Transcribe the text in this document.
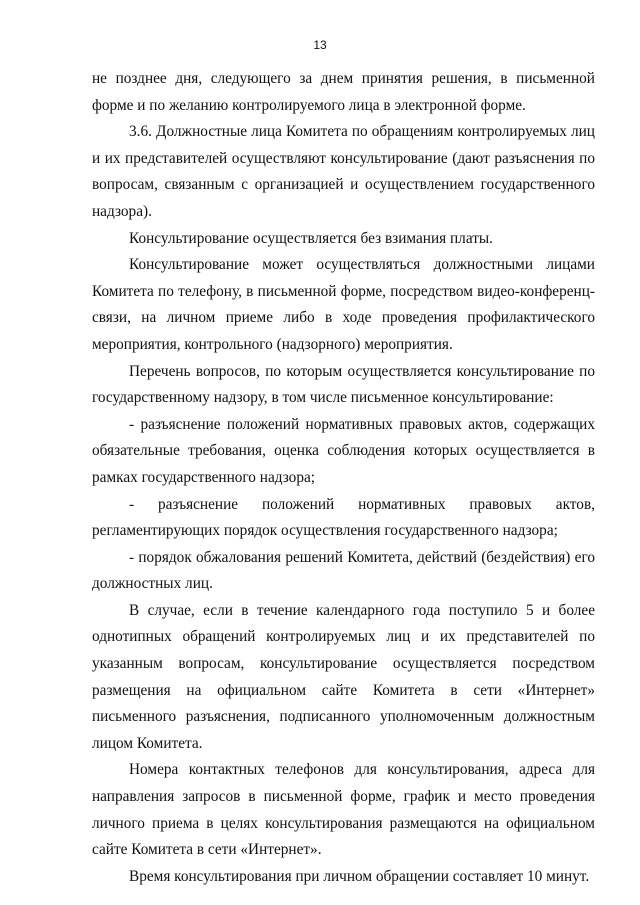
13

не позднее дня, следующего за днем принятия решения, в письменной форме и по желанию контролируемого лица в электронной форме.

3.6. Должностные лица Комитета по обращениям контролируемых лиц и их представителей осуществляют консультирование (дают разъяснения по вопросам, связанным с организацией и осуществлением государственного надзора).

Консультирование осуществляется без взимания платы.

Консультирование может осуществляться должностными лицами Комитета по телефону, в письменной форме, посредством видео-конференц-связи, на личном приеме либо в ходе проведения профилактического мероприятия, контрольного (надзорного) мероприятия.

Перечень вопросов, по которым осуществляется консультирование по государственному надзору, в том числе письменное консультирование:

- разъяснение положений нормативных правовых актов, содержащих обязательные требования, оценка соблюдения которых осуществляется в рамках государственного надзора;

- разъяснение положений нормативных правовых актов, регламентирующих порядок осуществления государственного надзора;

- порядок обжалования решений Комитета, действий (бездействия) его должностных лиц.

В случае, если в течение календарного года поступило 5 и более однотипных обращений контролируемых лиц и их представителей по указанным вопросам, консультирование осуществляется посредством размещения на официальном сайте Комитета в сети «Интернет» письменного разъяснения, подписанного уполномоченным должностным лицом Комитета.

Номера контактных телефонов для консультирования, адреса для направления запросов в письменной форме, график и место проведения личного приема в целях консультирования размещаются на официальном сайте Комитета в сети «Интернет».

Время консультирования при личном обращении составляет 10 минут.
